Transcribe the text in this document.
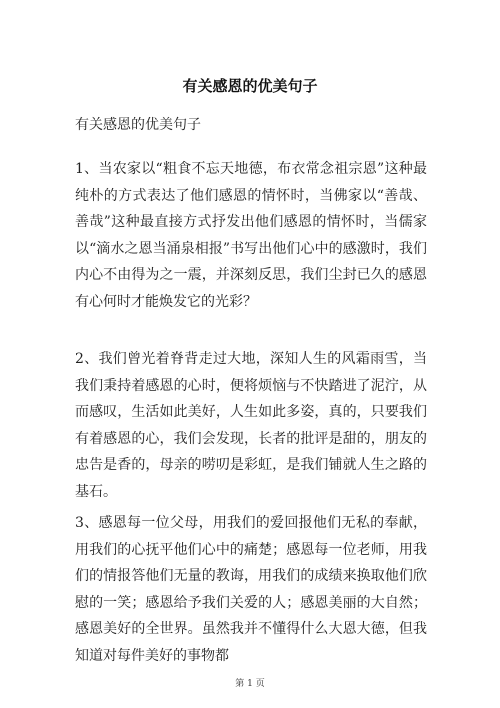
有关感恩的优美句子
有关感恩的优美句子

1、当农家以“粗食不忘天地德，布衣常念祖宗恩”这种最纯朴的方式表达了他们感恩的情怀时，当佛家以“善哉、善哉”这种最直接方式抒发出他们感恩的情怀时，当儒家以“滴水之恩当涌泉相报”书写出他们心中的感激时，我们内心不由得为之一震，并深刻反思，我们尘封已久的感恩有心何时才能焕发它的光彩？

2、我们曾光着脊背走过大地，深知人生的风霜雨雪，当我们秉持着感恩的心时，便将烦恼与不快踏进了泥泞，从而感叹，生活如此美好，人生如此多姿，真的，只要我们有着感恩的心，我们会发现，长者的批评是甜的，朋友的忠告是香的，母亲的唠叨是彩虹，是我们铺就人生之路的基石。

3、感恩每一位父母，用我们的爱回报他们无私的奉献，用我们的心抚平他们心中的痛楚；感恩每一位老师，用我们的情报答他们无量的教诲，用我们的成绩来换取他们欣慰的一笑；感恩给予我们关爱的人；感恩美丽的大自然；感恩美好的全世界。虽然我并不懂得什么大恩大德，但我知道对每件美好的事物都

第 1 页
